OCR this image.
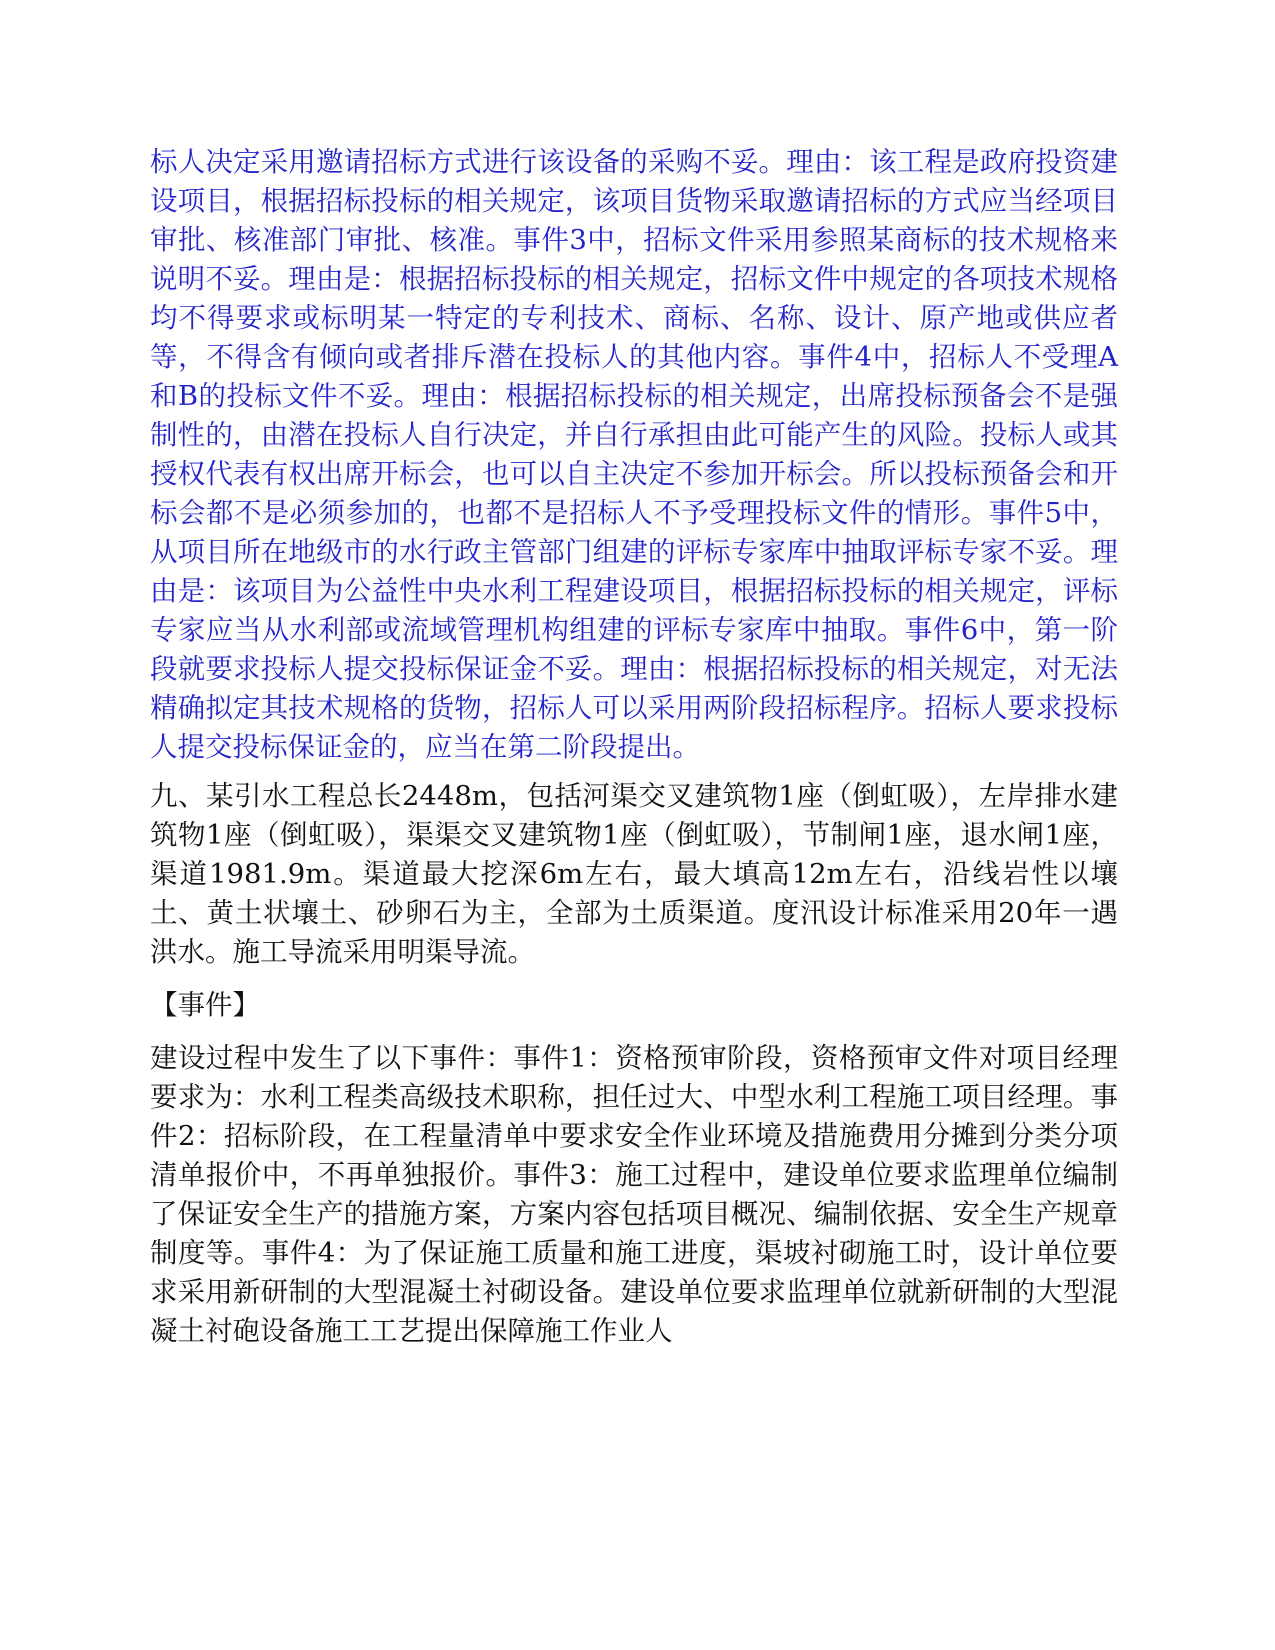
标人决定采用邀请招标方式进行该设备的采购不妥。理由：该工程是政府投资建设项目，根据招标投标的相关规定，该项目货物采取邀请招标的方式应当经项目审批、核准部门审批、核准。事件3中，招标文件采用参照某商标的技术规格来说明不妥。理由是：根据招标投标的相关规定，招标文件中规定的各项技术规格均不得要求或标明某一特定的专利技术、商标、名称、设计、原产地或供应者等，不得含有倾向或者排斥潜在投标人的其他内容。事件4中，招标人不受理A和B的投标文件不妥。理由：根据招标投标的相关规定，出席投标预备会不是强制性的，由潜在投标人自行决定，并自行承担由此可能产生的风险。投标人或其授权代表有权出席开标会，也可以自主决定不参加开标会。所以投标预备会和开标会都不是必须参加的，也都不是招标人不予受理投标文件的情形。事件5中，从项目所在地级市的水行政主管部门组建的评标专家库中抽取评标专家不妥。理由是：该项目为公益性中央水利工程建设项目，根据招标投标的相关规定，评标专家应当从水利部或流域管理机构组建的评标专家库中抽取。事件6中，第一阶段就要求投标人提交投标保证金不妥。理由：根据招标投标的相关规定，对无法精确拟定其技术规格的货物，招标人可以采用两阶段招标程序。招标人要求投标人提交投标保证金的，应当在第二阶段提出。

九、某引水工程总长2448m，包括河渠交叉建筑物1座（倒虹吸），左岸排水建筑物1座（倒虹吸），渠渠交叉建筑物1座（倒虹吸），节制闸1座，退水闸1座，渠道1981.9m。渠道最大挖深6m左右，最大填高12m左右，沿线岩性以壤土、黄土状壤土、砂卵石为主，全部为土质渠道。度汛设计标准采用20年一遇洪水。施工导流采用明渠导流。

【事件】

建设过程中发生了以下事件：事件1：资格预审阶段，资格预审文件对项目经理要求为：水利工程类高级技术职称，担任过大、中型水利工程施工项目经理。事件2：招标阶段，在工程量清单中要求安全作业环境及措施费用分摊到分类分项清单报价中，不再单独报价。事件3：施工过程中，建设单位要求监理单位编制了保证安全生产的措施方案，方案内容包括项目概况、编制依据、安全生产规章制度等。事件4：为了保证施工质量和施工进度，渠坡衬砌施工时，设计单位要求采用新研制的大型混凝土衬砌设备。建设单位要求监理单位就新研制的大型混凝土衬砲设备施工工艺提出保障施工作业人
